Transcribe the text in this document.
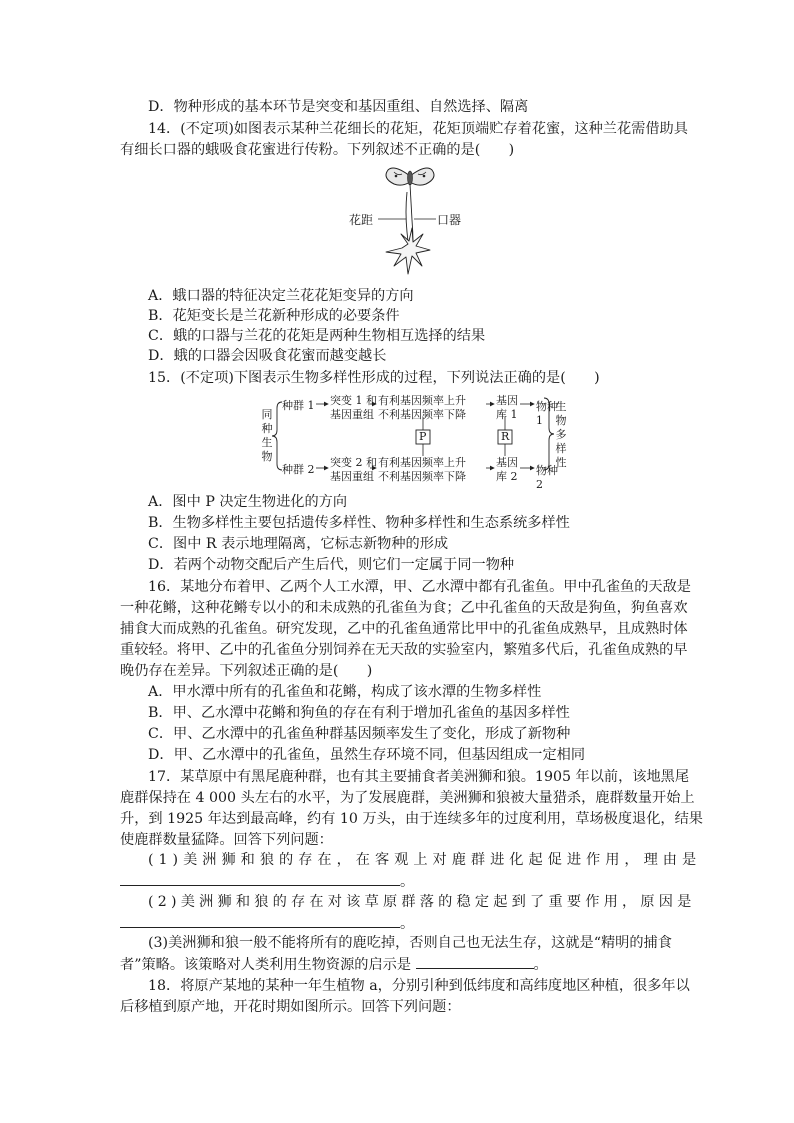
D．物种形成的基本环节是突变和基因重组、自然选择、隔离
14．(不定项)如图表示某种兰花细长的花矩，花矩顶端贮存着花蜜，这种兰花需借助具
有细长口器的蛾吸食花蜜进行传粉。下列叙述不正确的是(　　)
花距	口器
A．蛾口器的特征决定兰花花矩变异的方向
B．花矩变长是兰花新种形成的必要条件
C．蛾的口器与兰花的花矩是两种生物相互选择的结果
D．蛾的口器会因吸食花蜜而越变越长
15．(不定项)下图表示生物多样性形成的过程，下列说法正确的是(　　)
同
种
生
物
种群 1 突变 1 和
基因重组
有利基因频率上升
不利基因频率下降
基因
库 1
物种 1
P	R
种群 2
突变 2 和
基因重组
有利基因频率上升
不利基因频率下降
基因
库 2	物种 2
生
物
多
样
性
A．图中 P 决定生物进化的方向
B．生物多样性主要包括遗传多样性、物种多样性和生态系统多样性
C．图中 R 表示地理隔离，它标志新物种的形成
D．若两个动物交配后产生后代，则它们一定属于同一物种
16．某地分布着甲、乙两个人工水潭，甲、乙水潭中都有孔雀鱼。甲中孔雀鱼的天敌是
一种花鳉，这种花鳉专以小的和未成熟的孔雀鱼为食；乙中孔雀鱼的天敌是狗鱼，狗鱼喜欢
捕食大而成熟的孔雀鱼。研究发现，乙中的孔雀鱼通常比甲中的孔雀鱼成熟早，且成熟时体
重较轻。将甲、乙中的孔雀鱼分别饲养在无天敌的实验室内，繁殖多代后，孔雀鱼成熟的早
晚仍存在差异。下列叙述正确的是(　　)
A．甲水潭中所有的孔雀鱼和花鳉，构成了该水潭的生物多样性
B．甲、乙水潭中花鳉和狗鱼的存在有利于增加孔雀鱼的基因多样性
C．甲、乙水潭中的孔雀鱼种群基因频率发生了变化，形成了新物种
D．甲、乙水潭中的孔雀鱼，虽然生存环境不同，但基因组成一定相同
17．某草原中有黑尾鹿种群，也有其主要捕食者美洲狮和狼。1905 年以前，该地黑尾
鹿群保持在 4 000 头左右的水平，为了发展鹿群，美洲狮和狼被大量猎杀，鹿群数量开始上
升，到 1925 年达到最高峰，约有 10 万头，由于连续多年的过度利用，草场极度退化，结果
使鹿群数量猛降。回答下列问题：
(1)美洲狮和狼的存在，在客观上对鹿群进化起促进作用，理由是
。
(2)美洲狮和狼的存在对该草原群落的稳定起到了重要作用，原因是
。
(3)美洲狮和狼一般不能将所有的鹿吃掉，否则自己也无法生存，这就是“精明的捕食
者”策略。该策略对人类利用生物资源的启示是	。
18．将原产某地的某种一年生植物 a，分别引种到低纬度和高纬度地区种植，很多年以
后移植到原产地，开花时期如图所示。回答下列问题：
